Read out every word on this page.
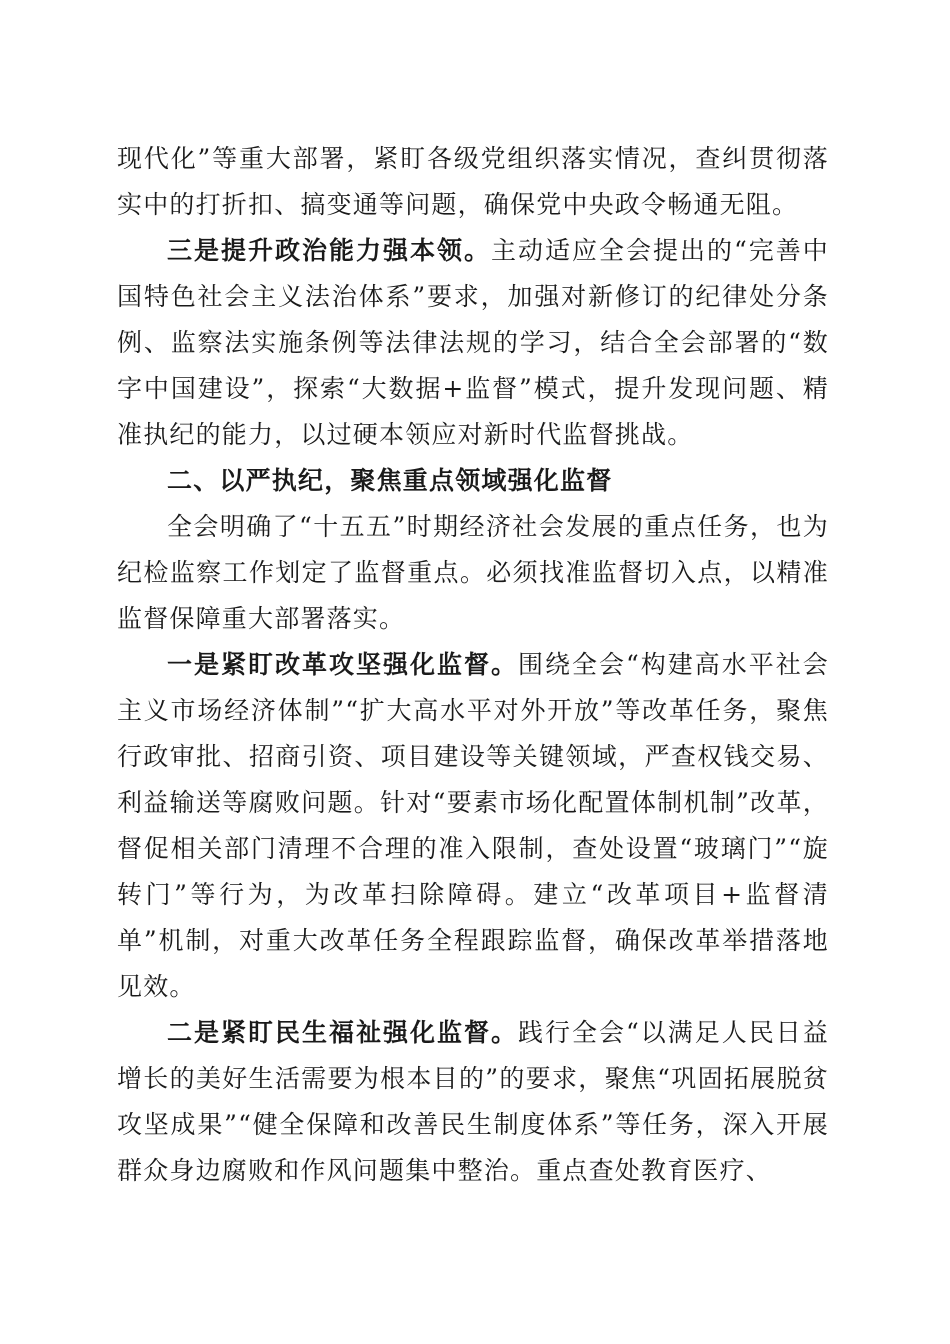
现代化”等重大部署，紧盯各级党组织落实情况，查纠贯彻落实中的打折扣、搞变通等问题，确保党中央政令畅通无阻。

三是提升政治能力强本领。主动适应全会提出的“完善中国特色社会主义法治体系”要求，加强对新修订的纪律处分条例、监察法实施条例等法律法规的学习，结合全会部署的“数字中国建设”，探索“大数据+监督”模式，提升发现问题、精准执纪的能力，以过硬本领应对新时代监督挑战。

二、以严执纪，聚焦重点领域强化监督

全会明确了“十五五”时期经济社会发展的重点任务，也为纪检监察工作划定了监督重点。必须找准监督切入点，以精准监督保障重大部署落实。

一是紧盯改革攻坚强化监督。围绕全会“构建高水平社会主义市场经济体制”“扩大高水平对外开放”等改革任务，聚焦行政审批、招商引资、项目建设等关键领域，严查权钱交易、利益输送等腐败问题。针对“要素市场化配置体制机制”改革，督促相关部门清理不合理的准入限制，查处设置“玻璃门”“旋转门”等行为，为改革扫除障碍。建立“改革项目+监督清单”机制，对重大改革任务全程跟踪监督，确保改革举措落地见效。

二是紧盯民生福祉强化监督。践行全会“以满足人民日益增长的美好生活需要为根本目的”的要求，聚焦“巩固拓展脱贫攻坚成果”“健全保障和改善民生制度体系”等任务，深入开展群众身边腐败和作风问题集中整治。重点查处教育医疗、
